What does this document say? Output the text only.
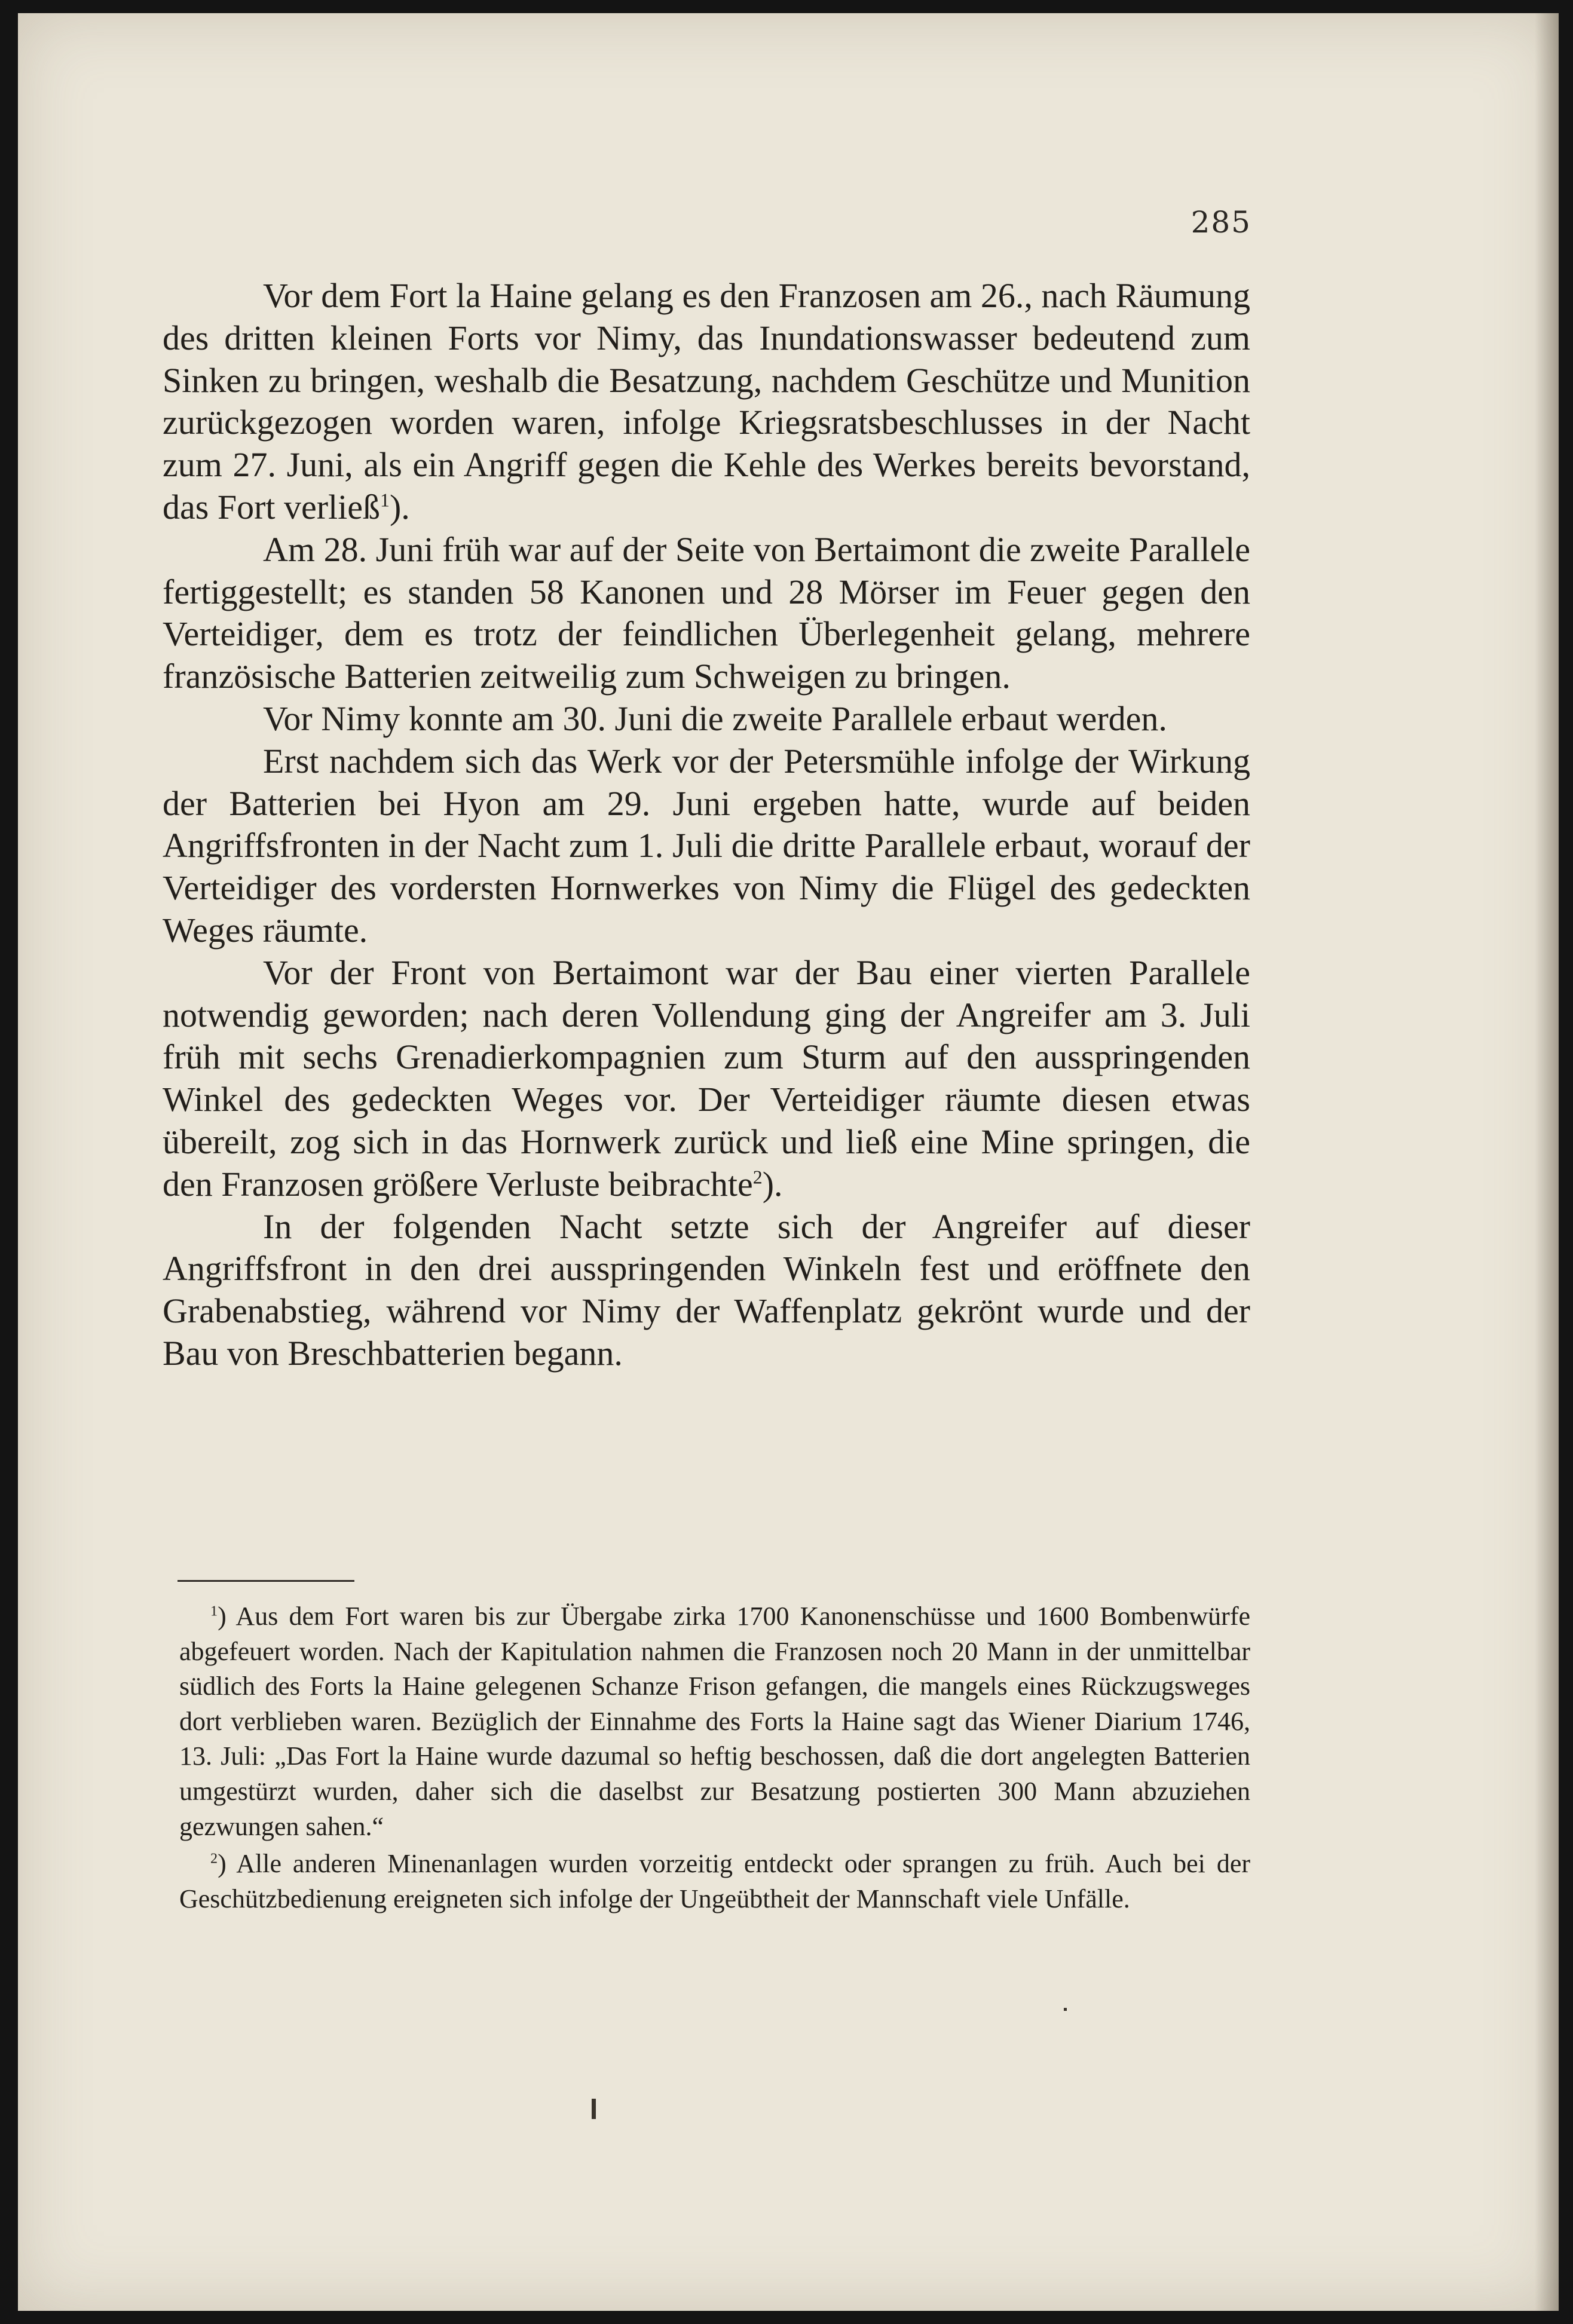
285

Vor dem Fort la Haine gelang es den Franzosen am 26., nach Räumung des dritten kleinen Forts vor Nimy, das Inundationswasser bedeutend zum Sinken zu bringen, weshalb die Besatzung, nachdem Geschütze und Munition zurückgezogen worden waren, infolge Kriegsratsbeschlusses in der Nacht zum 27. Juni, als ein Angriff gegen die Kehle des Werkes bereits bevorstand, das Fort verließ$^1$).

Am 28. Juni früh war auf der Seite von Bertaimont die zweite Parallele fertiggestellt; es standen 58 Kanonen und 28 Mörser im Feuer gegen den Verteidiger, dem es trotz der feindlichen Überlegenheit gelang, mehrere französische Batterien zeitweilig zum Schweigen zu bringen.

Vor Nimy konnte am 30. Juni die zweite Parallele erbaut werden.

Erst nachdem sich das Werk vor der Petersmühle infolge der Wirkung der Batterien bei Hyon am 29. Juni ergeben hatte, wurde auf beiden Angriffsfronten in der Nacht zum 1. Juli die dritte Parallele erbaut, worauf der Verteidiger des vordersten Hornwerkes von Nimy die Flügel des gedeckten Weges räumte.

Vor der Front von Bertaimont war der Bau einer vierten Parallele notwendig geworden; nach deren Vollendung ging der Angreifer am 3. Juli früh mit sechs Grenadierkompagnien zum Sturm auf den ausspringenden Winkel des gedeckten Weges vor. Der Verteidiger räumte diesen etwas übereilt, zog sich in das Hornwerk zurück und ließ eine Mine springen, die den Franzosen größere Verluste beibrachte$^2$).

In der folgenden Nacht setzte sich der Angreifer auf dieser Angriffsfront in den drei ausspringenden Winkeln fest und eröffnete den Grabenabstieg, während vor Nimy der Waffenplatz gekrönt wurde und der Bau von Breschbatterien begann.

$^1$) Aus dem Fort waren bis zur Übergabe zirka 1700 Kanonenschüsse und 1600 Bombenwürfe abgefeuert worden. Nach der Kapitulation nahmen die Franzosen noch 20 Mann in der unmittelbar südlich des Forts la Haine gelegenen Schanze Frison gefangen, die mangels eines Rückzugsweges dort verblieben waren. Bezüglich der Einnahme des Forts la Haine sagt das Wiener Diarium 1746, 13. Juli: „Das Fort la Haine wurde dazumal so heftig beschossen, daß die dort angelegten Batterien umgestürzt wurden, daher sich die daselbst zur Besatzung postierten 300 Mann abzuziehen gezwungen sahen.“

$^2$) Alle anderen Minenanlagen wurden vorzeitig entdeckt oder sprangen zu früh. Auch bei der Geschützbedienung ereigneten sich infolge der Ungeübtheit der Mannschaft viele Unfälle.
